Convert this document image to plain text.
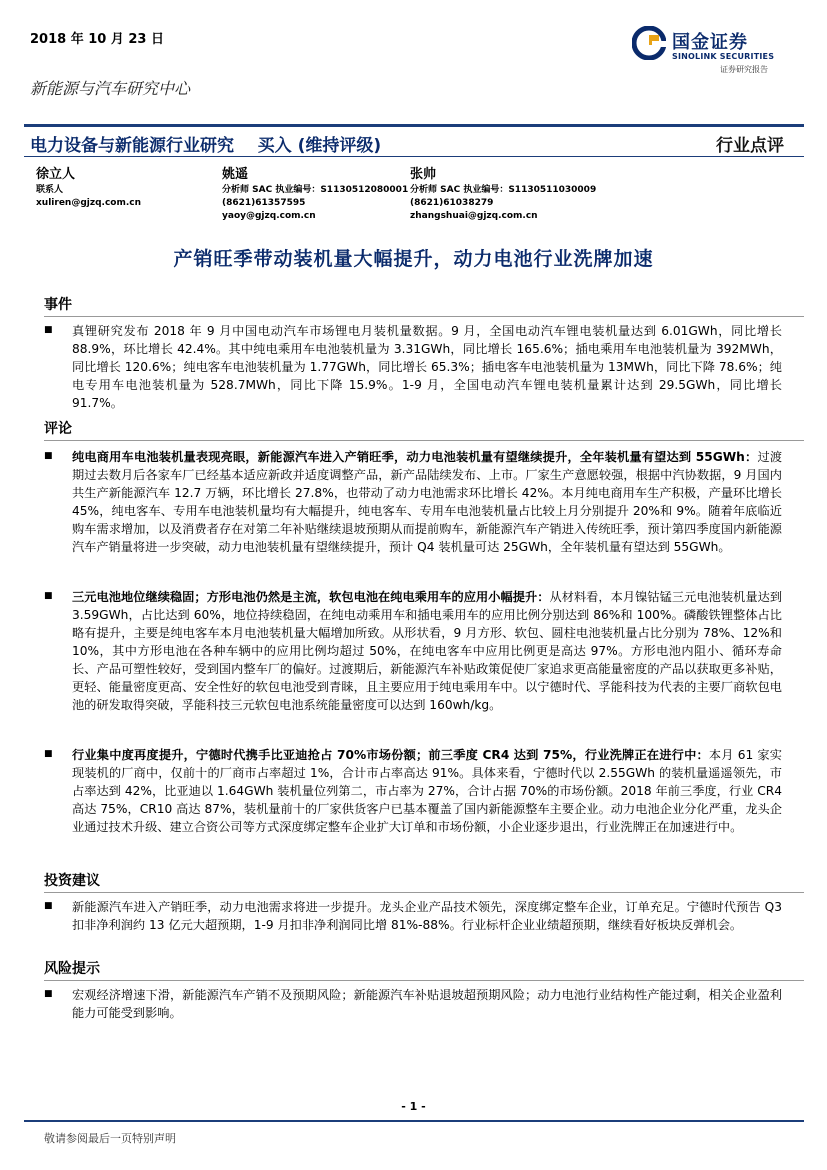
2018 年 10 月 23 日
新能源与汽车研究中心
国金证券
SINOLINK SECURITIES
证券研究报告
电力设备与新能源行业研究    买入 (维持评级)	行业点评
徐立人
联系人
xuliren@gjzq.com.cn
姚遥
分析师 SAC 执业编号：S1130512080001
(8621)61357595
yaoy@gjzq.com.cn
张帅
分析师 SAC 执业编号：S1130511030009
(8621)61038279
zhangshuai@gjzq.com.cn
产销旺季带动装机量大幅提升，动力电池行业洗牌加速
事件
■ 真锂研究发布 2018 年 9 月中国电动汽车市场锂电月装机量数据。9 月，全国电动汽车锂电装机量达到 6.01GWh，同比增长 88.9%，环比增长 42.4%。其中纯电乘用车电池装机量为 3.31GWh，同比增长 165.6%；插电乘用车电池装机量为 392MWh，同比增长 120.6%；纯电客车电池装机量为 1.77GWh，同比增长 65.3%；插电客车电池装机量为 13MWh，同比下降 78.6%；纯电专用车电池装机量为 528.7MWh，同比下降 15.9%。1-9 月，全国电动汽车锂电装机量累计达到 29.5GWh，同比增长 91.7%。
评论
■ 纯电商用车电池装机量表现亮眼，新能源汽车进入产销旺季，动力电池装机量有望继续提升，全年装机量有望达到 55GWh：过渡期过去数月后各家车厂已经基本适应新政并适度调整产品，新产品陆续发布、上市。厂家生产意愿较强，根据中汽协数据，9 月国内共生产新能源汽车 12.7 万辆，环比增长 27.8%，也带动了动力电池需求环比增长 42%。本月纯电商用车生产积极，产量环比增长 45%，纯电客车、专用车电池装机量均有大幅提升，纯电客车、专用车电池装机量占比较上月分别提升 20%和 9%。随着年底临近购车需求增加，以及消费者存在对第二年补贴继续退坡预期从而提前购车，新能源汽车产销进入传统旺季，预计第四季度国内新能源汽车产销量将进一步突破，动力电池装机量有望继续提升，预计 Q4 装机量可达 25GWh，全年装机量有望达到 55GWh。
■ 三元电池地位继续稳固；方形电池仍然是主流，软包电池在纯电乘用车的应用小幅提升：从材料看，本月镍钴锰三元电池装机量达到 3.59GWh，占比达到 60%，地位持续稳固，在纯电动乘用车和插电乘用车的应用比例分别达到 86%和 100%。磷酸铁锂整体占比略有提升，主要是纯电客车本月电池装机量大幅增加所致。从形状看，9 月方形、软包、圆柱电池装机量占比分别为 78%、12%和 10%，其中方形电池在各种车辆中的应用比例均超过 50%，在纯电客车中应用比例更是高达 97%。方形电池内阻小、循环寿命长、产品可塑性较好，受到国内整车厂的偏好。过渡期后，新能源汽车补贴政策促使厂家追求更高能量密度的产品以获取更多补贴，更轻、能量密度更高、安全性好的软包电池受到青睐，且主要应用于纯电乘用车中。以宁德时代、孚能科技为代表的主要厂商软包电池的研发取得突破，孚能科技三元软包电池系统能量密度可以达到 160wh/kg。
■ 行业集中度再度提升，宁德时代携手比亚迪抢占 70%市场份额；前三季度 CR4 达到 75%，行业洗牌正在进行中：本月 61 家实现装机的厂商中，仅前十的厂商市占率超过 1%，合计市占率高达 91%。具体来看，宁德时代以 2.55GWh 的装机量遥遥领先，市占率达到 42%，比亚迪以 1.64GWh 装机量位列第二，市占率为 27%，合计占据 70%的市场份额。2018 年前三季度，行业 CR4 高达 75%，CR10 高达 87%，装机量前十的厂家供货客户已基本覆盖了国内新能源整车主要企业。动力电池企业分化严重，龙头企业通过技术升级、建立合资公司等方式深度绑定整车企业扩大订单和市场份额，小企业逐步退出，行业洗牌正在加速进行中。
投资建议
■ 新能源汽车进入产销旺季，动力电池需求将进一步提升。龙头企业产品技术领先，深度绑定整车企业，订单充足。宁德时代预告 Q3 扣非净利润约 13 亿元大超预期，1-9 月扣非净利润同比增 81%-88%。行业标杆企业业绩超预期，继续看好板块反弹机会。
风险提示
■ 宏观经济增速下滑，新能源汽车产销不及预期风险；新能源汽车补贴退坡超预期风险；动力电池行业结构性产能过剩，相关企业盈利能力可能受到影响。
- 1 -
敬请参阅最后一页特别声明
